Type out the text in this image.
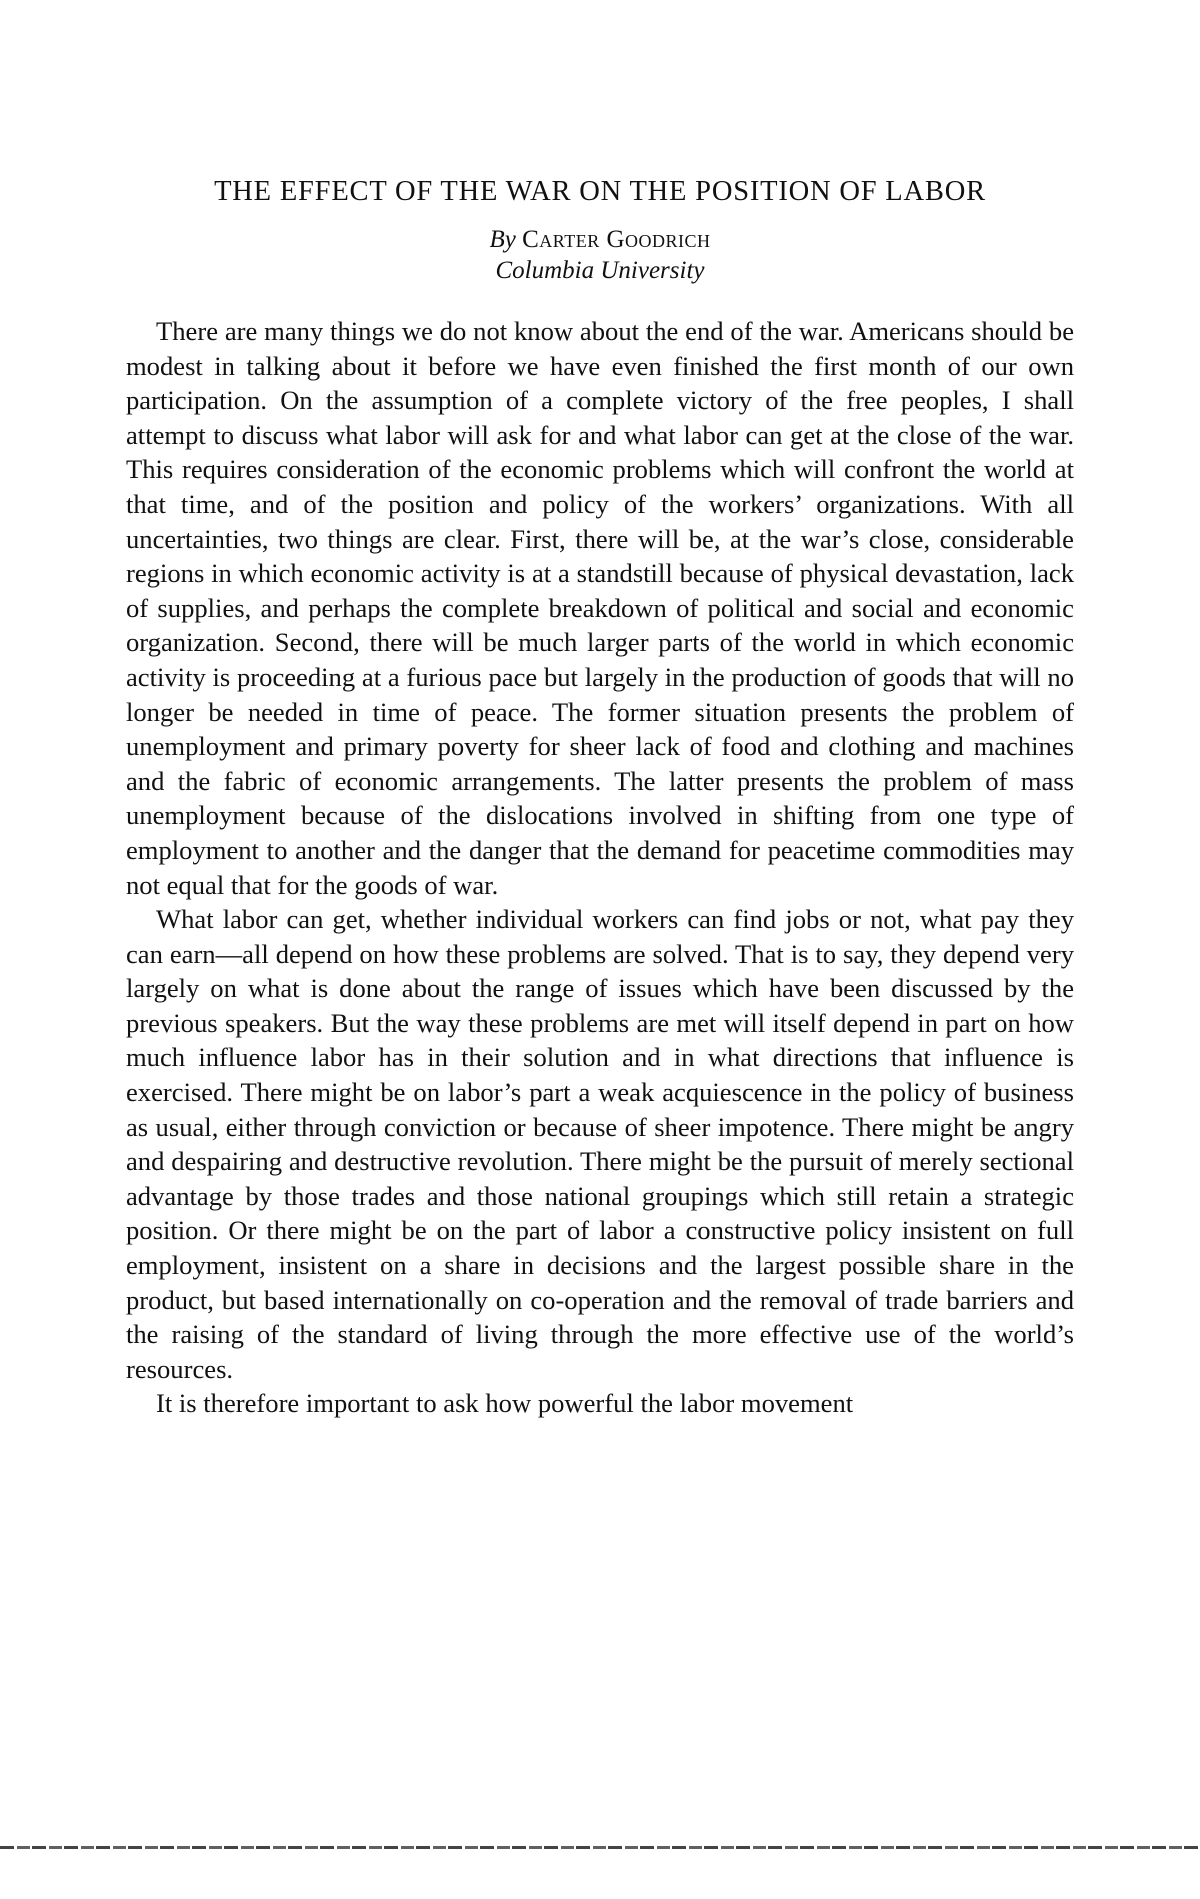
THE EFFECT OF THE WAR ON THE POSITION OF LABOR
By Carter Goodrich
Columbia University

There are many things we do not know about the end of the war. Americans should be modest in talking about it before we have even finished the first month of our own participation. On the assumption of a complete victory of the free peoples, I shall attempt to discuss what labor will ask for and what labor can get at the close of the war. This requires consideration of the economic problems which will confront the world at that time, and of the position and policy of the workers’ organizations. With all uncertainties, two things are clear. First, there will be, at the war’s close, considerable regions in which economic activity is at a standstill because of physical devastation, lack of supplies, and perhaps the complete breakdown of political and social and economic organization. Second, there will be much larger parts of the world in which economic activity is proceeding at a furious pace but largely in the production of goods that will no longer be needed in time of peace. The former situation presents the problem of unemployment and primary poverty for sheer lack of food and clothing and machines and the fabric of economic arrangements. The latter presents the problem of mass unemployment because of the dislocations involved in shifting from one type of employment to another and the danger that the demand for peacetime commodities may not equal that for the goods of war.

What labor can get, whether individual workers can find jobs or not, what pay they can earn—all depend on how these problems are solved. That is to say, they depend very largely on what is done about the range of issues which have been discussed by the previous speakers. But the way these problems are met will itself depend in part on how much influence labor has in their solution and in what directions that influence is exercised. There might be on labor’s part a weak acquiescence in the policy of business as usual, either through conviction or because of sheer impotence. There might be angry and despairing and destructive revolution. There might be the pursuit of merely sectional advantage by those trades and those national groupings which still retain a strategic position. Or there might be on the part of labor a constructive policy insistent on full employment, insistent on a share in decisions and the largest possible share in the product, but based internationally on co-operation and the removal of trade barriers and the raising of the standard of living through the more effective use of the world’s resources.

It is therefore important to ask how powerful the labor movement
